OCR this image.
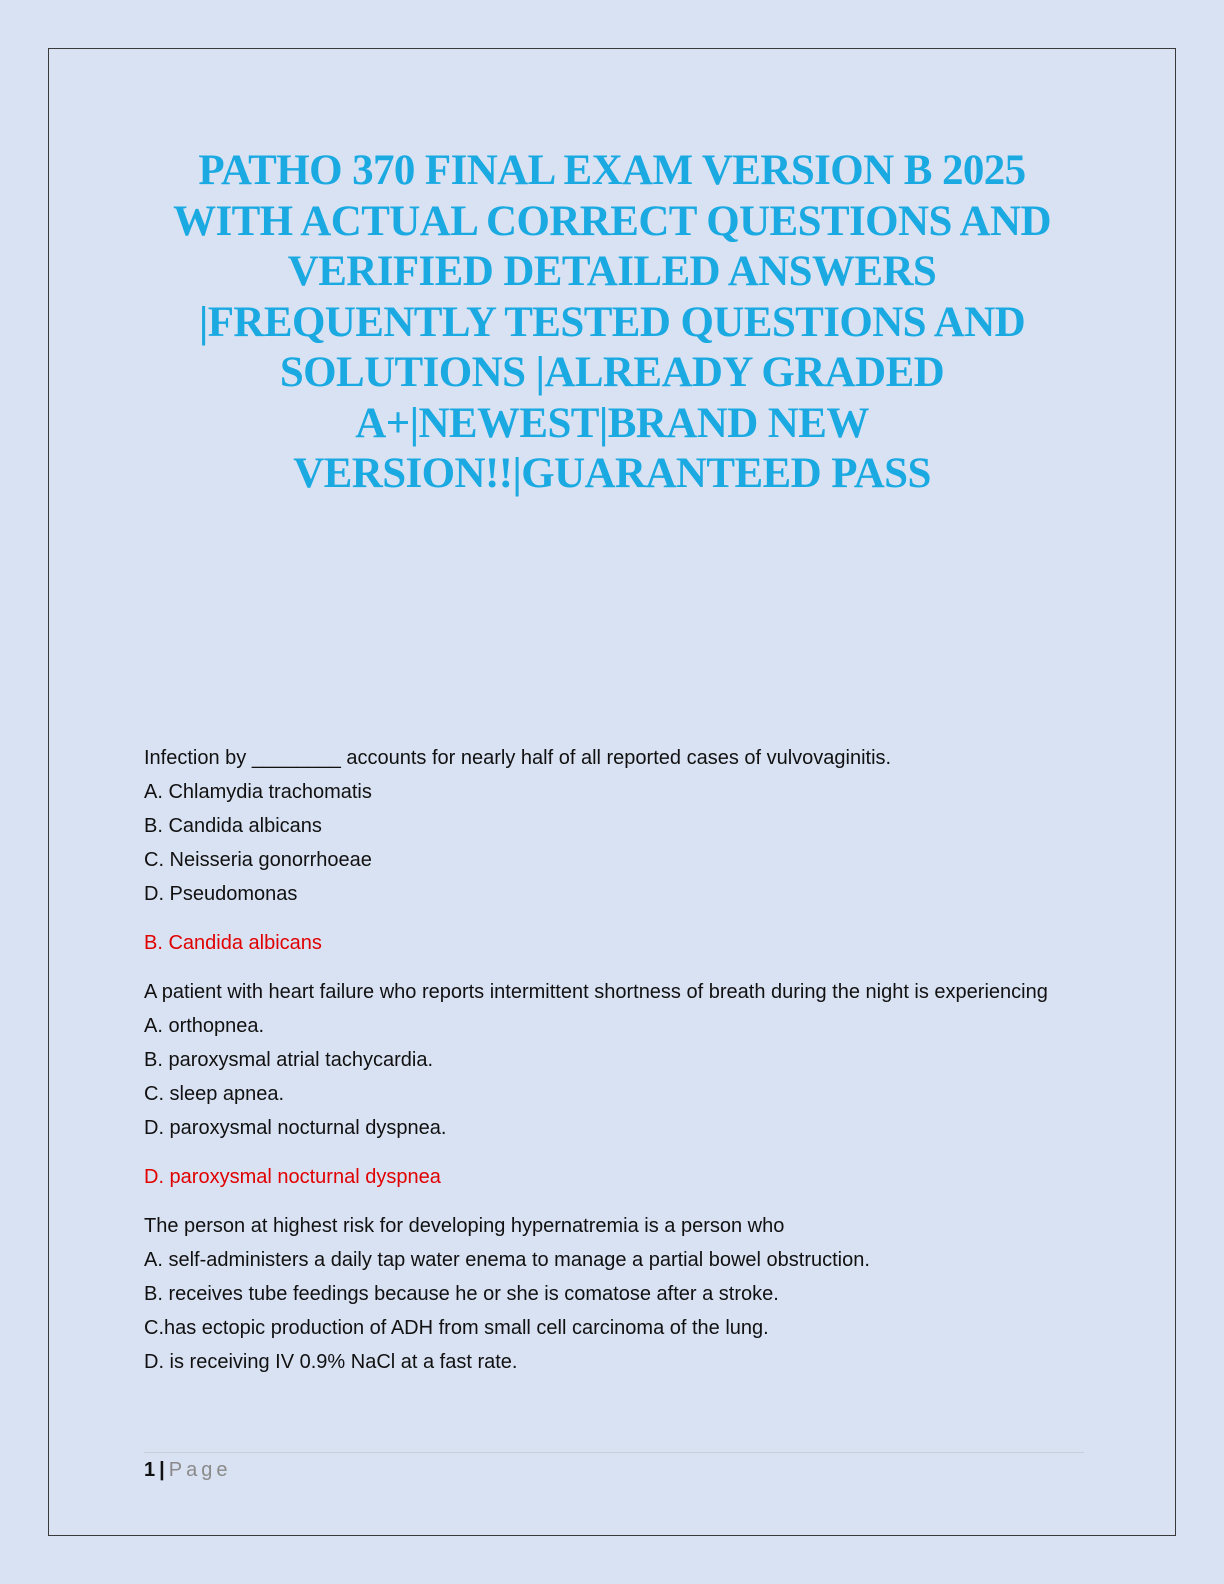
PATHO 370 FINAL EXAM VERSION B 2025
WITH ACTUAL CORRECT QUESTIONS AND
VERIFIED DETAILED ANSWERS
|FREQUENTLY TESTED QUESTIONS AND
SOLUTIONS |ALREADY GRADED
A+|NEWEST|BRAND NEW
VERSION!!|GUARANTEED PASS
Infection by ________ accounts for nearly half of all reported cases of vulvovaginitis.
A. Chlamydia trachomatis
B. Candida albicans
C. Neisseria gonorrhoeae
D. Pseudomonas
B. Candida albicans
A patient with heart failure who reports intermittent shortness of breath during the night is experiencing
A. orthopnea.
B. paroxysmal atrial tachycardia.
C. sleep apnea.
D. paroxysmal nocturnal dyspnea.
D. paroxysmal nocturnal dyspnea
The person at highest risk for developing hypernatremia is a person who
A. self-administers a daily tap water enema to manage a partial bowel obstruction.
B. receives tube feedings because he or she is comatose after a stroke.
C.has ectopic production of ADH from small cell carcinoma of the lung.
D. is receiving IV 0.9% NaCl at a fast rate.
1 | Page
